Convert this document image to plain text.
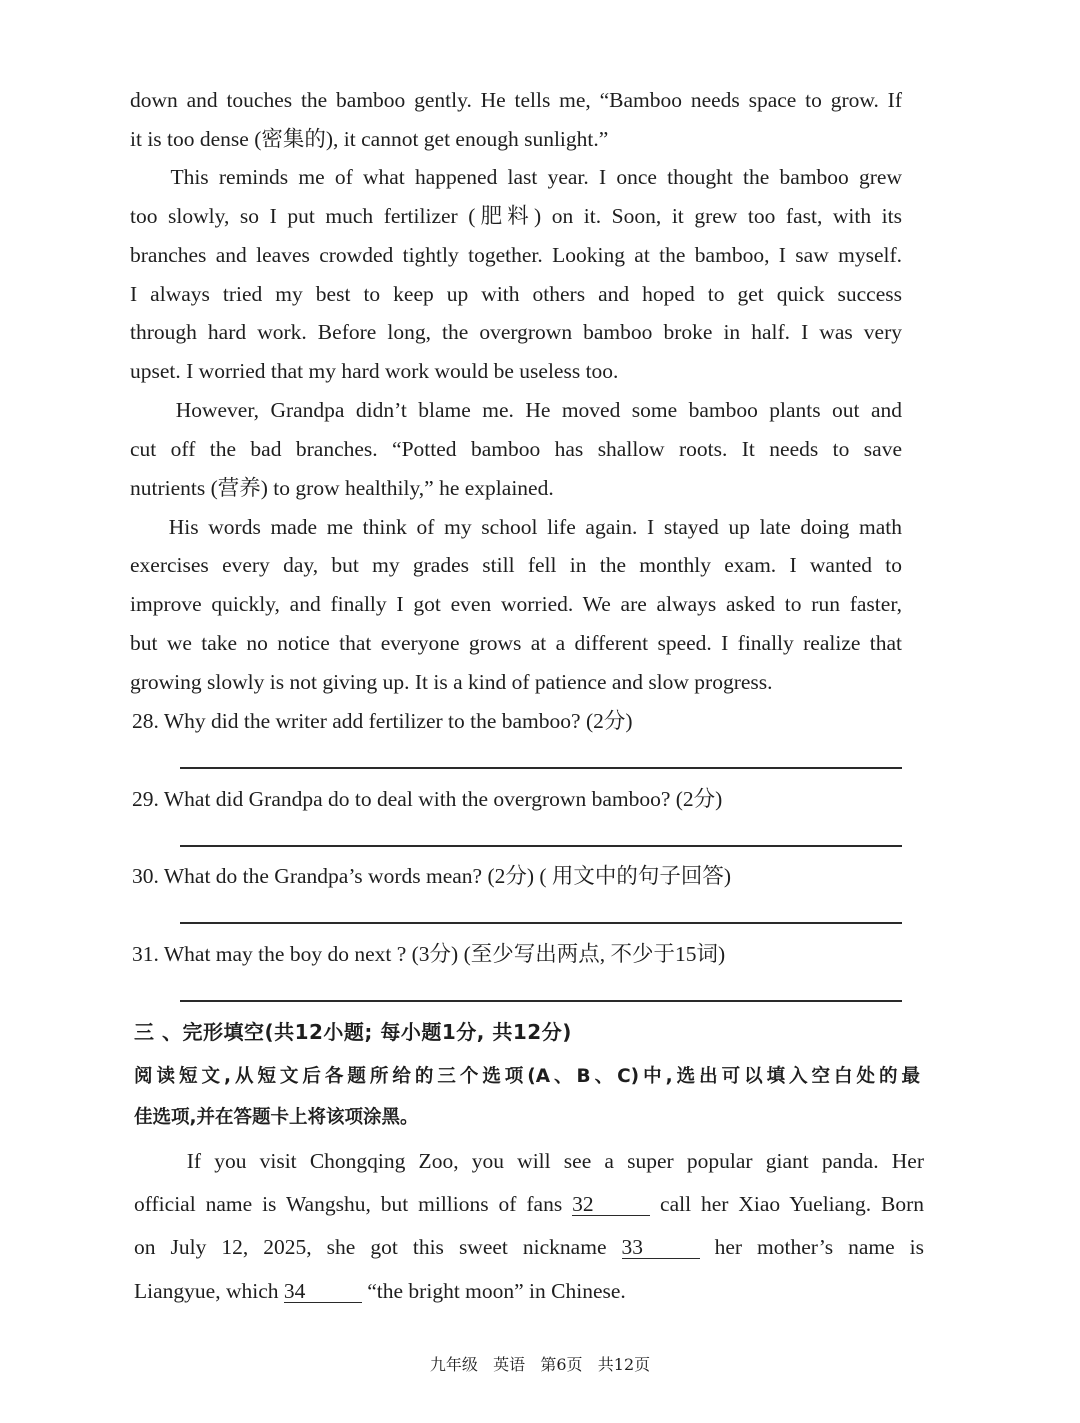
down and touches the bamboo gently. He tells me, “Bamboo needs space to grow. If
it is too dense (密集的), it cannot get enough sunlight.”
This reminds me of what happened last year. I once thought the bamboo grew
too slowly, so I put much fertilizer (肥料) on it. Soon, it grew too fast, with its
branches and leaves crowded tightly together. Looking at the bamboo, I saw myself.
I always tried my best to keep up with others and hoped to get quick success
through hard work. Before long, the overgrown bamboo broke in half. I was very
upset. I worried that my hard work would be useless too.
However, Grandpa didn’t blame me. He moved some bamboo plants out and
cut off the bad branches. “Potted bamboo has shallow roots. It needs to save
nutrients (营养) to grow healthily,” he explained.
His words made me think of my school life again. I stayed up late doing math
exercises every day, but my grades still fell in the monthly exam. I wanted to
improve quickly, and finally I got even worried. We are always asked to run faster,
but we take no notice that everyone grows at a different speed. I finally realize that
growing slowly is not giving up. It is a kind of patience and slow progress.
28. Why did the writer add fertilizer to the bamboo? (2分)
29. What did Grandpa do to deal with the overgrown bamboo? (2分)
30. What do the Grandpa’s words mean? (2分) ( 用文中的句子回答)
31. What may the boy do next ? (3分) (至少写出两点, 不少于15词)
三 、完形填空(共12小题; 每小题1分, 共12分)
阅读短文,从短文后各题所给的三个选项(A、B、C)中,选出可以填入空白处的最
佳选项,并在答题卡上将该项涂黑。
If you visit Chongqing Zoo, you will see a super popular giant panda. Her
official name is Wangshu, but millions of fans 32	call her Xiao Yueliang. Born
on July 12, 2025, she got this sweet nickname 33	her mother’s name is
Liangyue, which 34	“the bright moon” in Chinese.
九年级   英语   第6页   共12页
